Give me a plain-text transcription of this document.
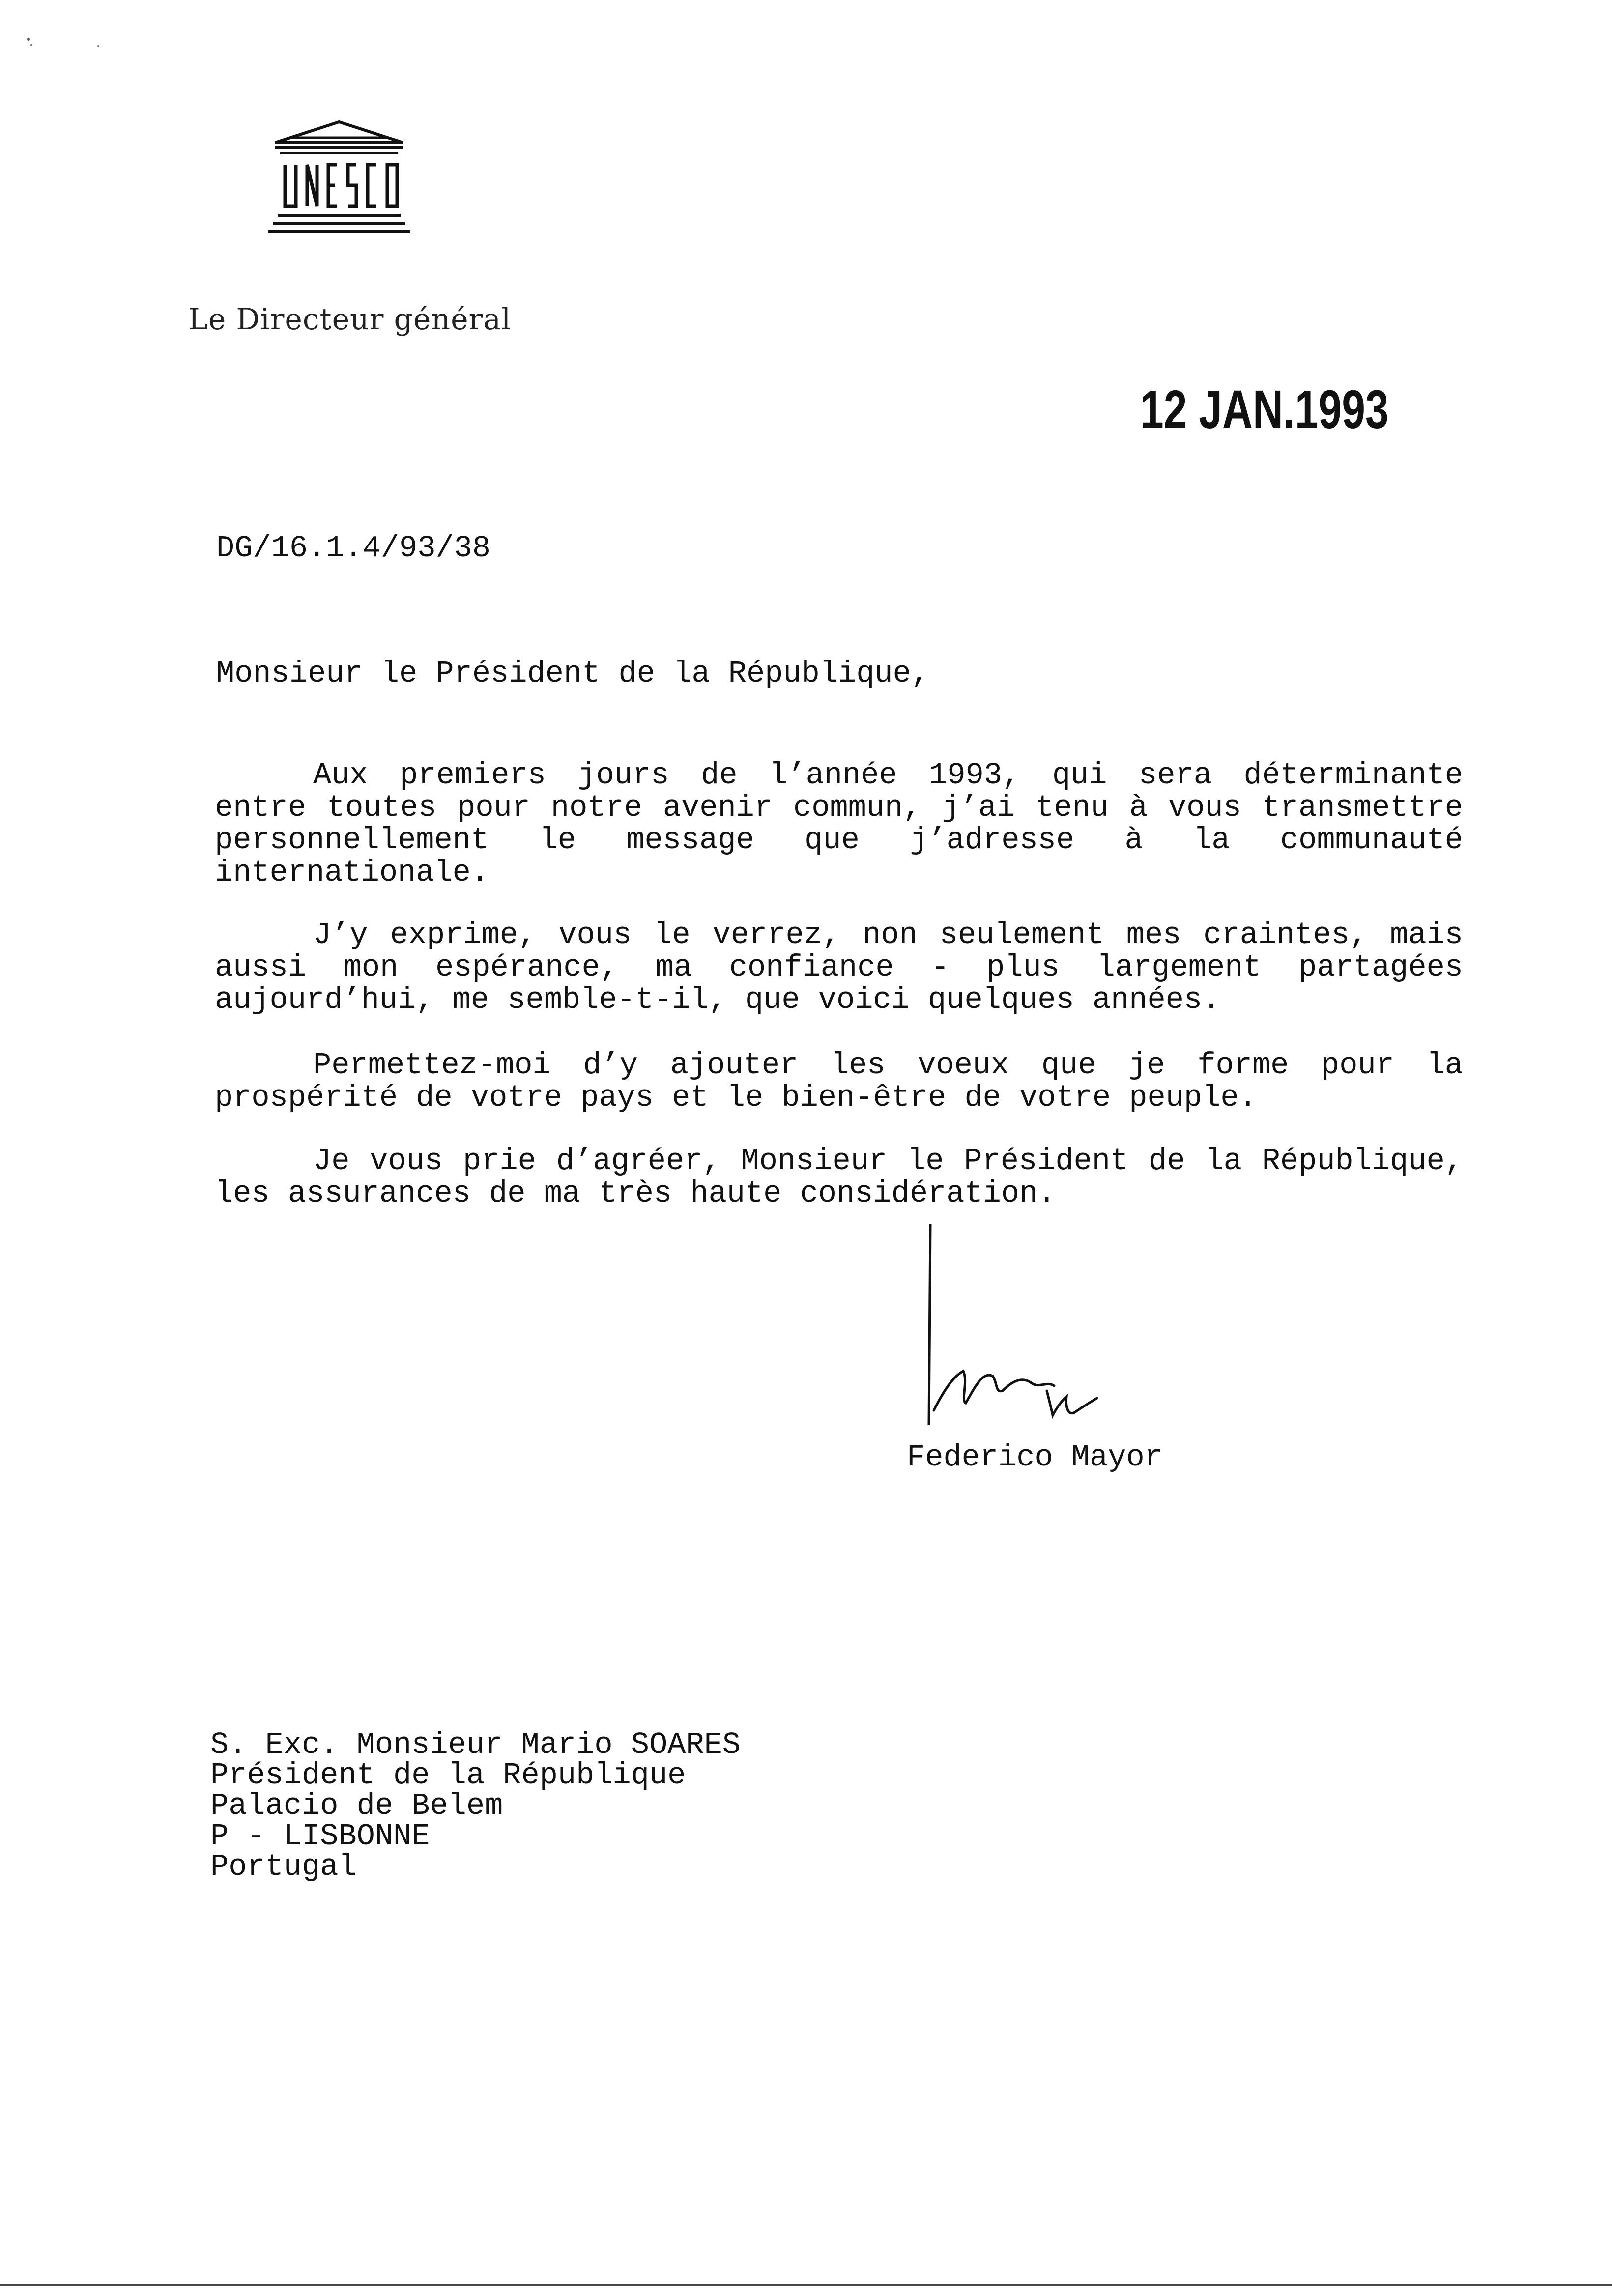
Le Directeur général
12 JAN.1993
DG/16.1.4/93/38
Monsieur le Président de la République,

Aux premiers jours de l’année 1993, qui sera déterminante entre toutes pour notre avenir commun, j’ai tenu à vous transmettre personnellement le message que j’adresse à la communauté internationale.

J’y exprime, vous le verrez, non seulement mes craintes, mais aussi mon espérance, ma confiance - plus largement partagées aujourd’hui, me semble-t-il, que voici quelques années.

Permettez-moi d’y ajouter les voeux que je forme pour la prospérité de votre pays et le bien-être de votre peuple.

Je vous prie d’agréer, Monsieur le Président de la République, les assurances de ma très haute considération.

Federico Mayor
S. Exc. Monsieur Mario SOARES
Président de la République
Palacio de Belem
P - LISBONNE
Portugal
